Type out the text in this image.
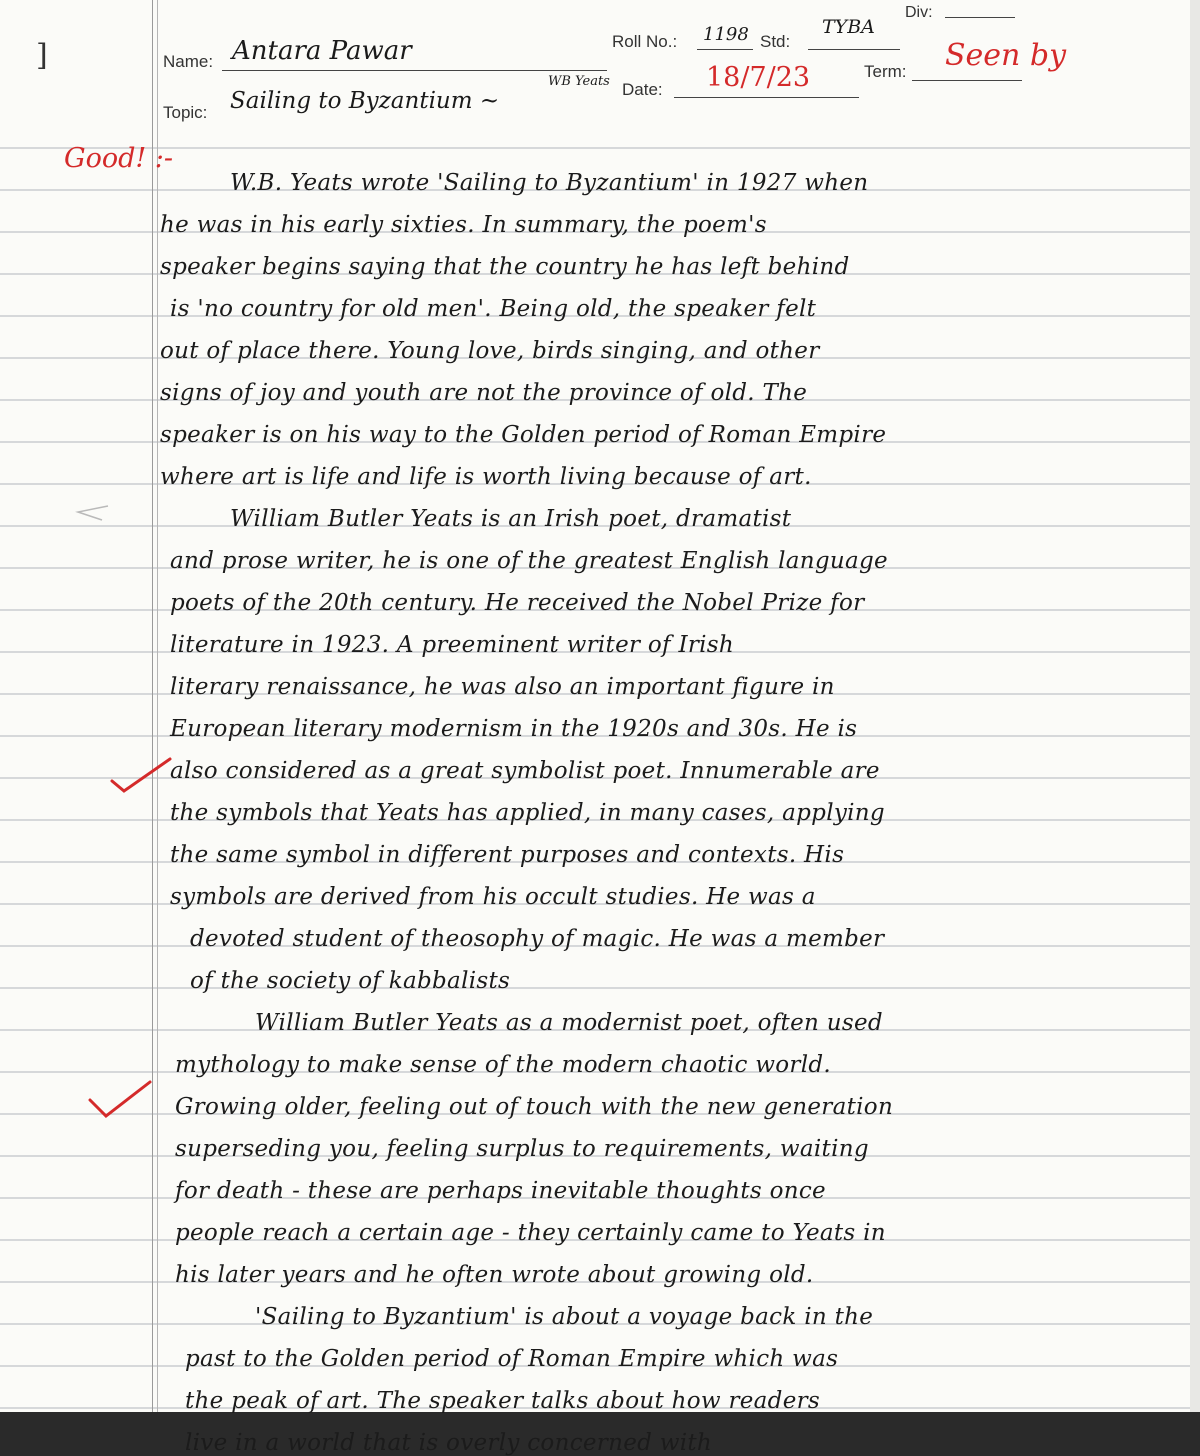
]	Name: Antara Pawar	Roll No.: 1198 Std:
TYBA
Div:
Topic: Sailing to Byzantium ~
WB Yeats Date: 18/7/23	Term: Seen by
Good! :-
W.B. Yeats wrote 'Sailing to Byzantium' in 1927 when
he was in his early sixties. In summary, the poem's
speaker begins saying that the country he has left behind
is 'no country for old men'. Being old, the speaker felt
out of place there. Young love, birds singing, and other
signs of joy and youth are not the province of old. The
speaker is on his way to the Golden period of Roman Empire
where art is life and life is worth living because of art.
William Butler Yeats is an Irish poet, dramatist
and prose writer, he is one of the greatest English language
poets of the 20th century. He received the Nobel Prize for
literature in 1923. A preeminent writer of Irish
literary renaissance, he was also an important figure in
European literary modernism in the 1920s and 30s. He is
also considered as a great symbolist poet. Innumerable are
the symbols that Yeats has applied, in many cases, applying
the same symbol in different purposes and contexts. His
symbols are derived from his occult studies. He was a
devoted student of theosophy of magic. He was a member
of the society of kabbalists
William Butler Yeats as a modernist poet, often used
mythology to make sense of the modern chaotic world.
Growing older, feeling out of touch with the new generation
superseding you, feeling surplus to requirements, waiting
for death - these are perhaps inevitable thoughts once
people reach a certain age - they certainly came to Yeats in
his later years and he often wrote about growing old.
'Sailing to Byzantium' is about a voyage back in the
past to the Golden period of Roman Empire which was
the peak of art. The speaker talks about how readers
live in a world that is overly concerned with
